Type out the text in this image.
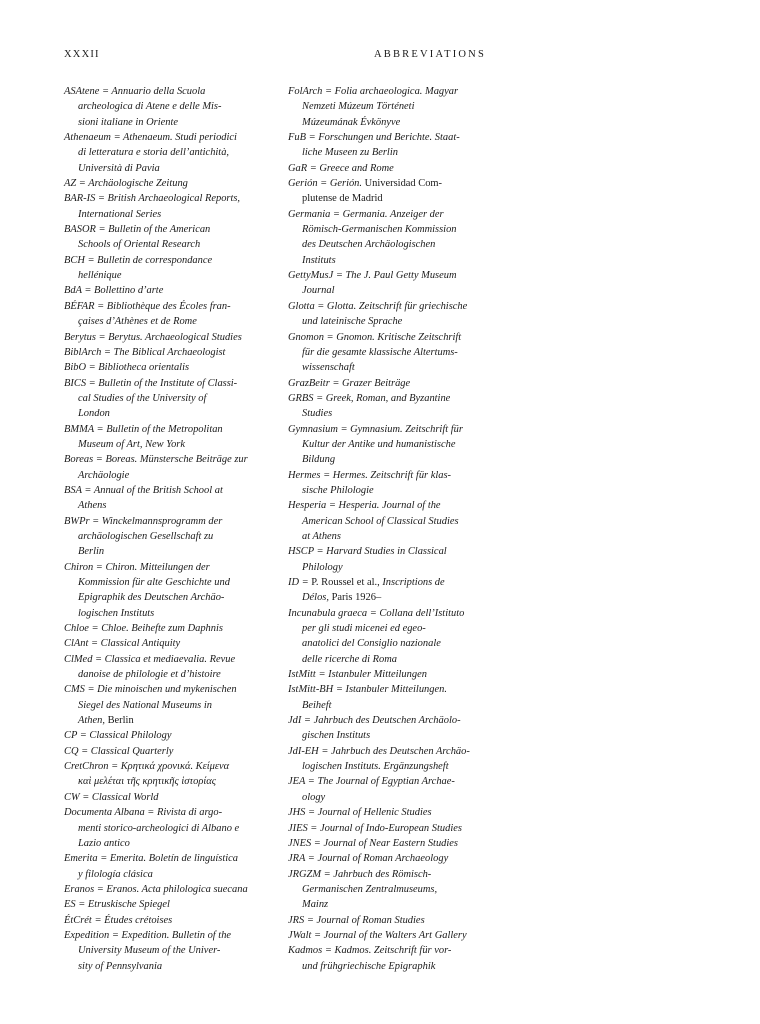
XXXII	ABBREVIATIONS

ASAtene = Annuario della Scuola
archeologica di Atene e delle Mis-
sioni italiane in Oriente

Athenaeum = Athenaeum. Studi periodici
di letteratura e storia dell’antichità,
Università di Pavia

AZ = Archäologische Zeitung

BAR-IS = British Archaeological Reports,
International Series

BASOR = Bulletin of the American
Schools of Oriental Research

BCH = Bulletin de correspondance
hellénique

BdA = Bollettino d’arte

BÉFAR = Bibliothèque des Écoles fran-
çaises d’Athènes et de Rome

Berytus = Berytus. Archaeological Studies

BiblArch = The Biblical Archaeologist

BibO = Bibliotheca orientalis

BICS = Bulletin of the Institute of Classi-
cal Studies of the University of
London

BMMA = Bulletin of the Metropolitan
Museum of Art, New York

Boreas = Boreas. Münstersche Beiträge zur
Archäologie

BSA = Annual of the British School at
Athens

BWPr = Winckelmannsprogramm der
archäologischen Gesellschaft zu
Berlin

Chiron = Chiron. Mitteilungen der
Kommission für alte Geschichte und
Epigraphik des Deutschen Archäo-
logischen Instituts

Chloe = Chloe. Beihefte zum Daphnis

ClAnt = Classical Antiquity

ClMed = Classica et mediaevalia. Revue
danoise de philologie et d’histoire

CMS = Die minoischen und mykenischen
Siegel des National Museums in
Athen, Berlin

CP = Classical Philology

CQ = Classical Quarterly

CretChron = Κρητικά χρονικά. Κείμενα
καὶ μελέται τῆς κρητικῆς ἱστορίας

CW = Classical World

Documenta Albana = Rivista di argo-
menti storico-archeologici di Albano e
Lazio antico

Emerita = Emerita. Boletín de linguística
y filología clásica

Eranos = Eranos. Acta philologica suecana

ES = Etruskische Spiegel

ÉtCrét = Études crétoises

Expedition = Expedition. Bulletin of the
University Museum of the Univer-
sity of Pennsylvania

FolArch = Folia archaeologica. Magyar
Nemzeti Múzeum Történeti
Múzeumának Évkönyve

FuB = Forschungen und Berichte. Staat-
liche Museen zu Berlin

GaR = Greece and Rome

Gerión = Gerión. Universidad Com-
plutense de Madrid

Germania = Germania. Anzeiger der
Römisch-Germanischen Kommission
des Deutschen Archäologischen
Instituts

GettyMusJ = The J. Paul Getty Museum
Journal

Glotta = Glotta. Zeitschrift für griechische
und lateinische Sprache

Gnomon = Gnomon. Kritische Zeitschrift
für die gesamte klassische Altertums-
wissenschaft

GrazBeitr = Grazer Beiträge

GRBS = Greek, Roman, and Byzantine
Studies

Gymnasium = Gymnasium. Zeitschrift für
Kultur der Antike und humanistische
Bildung

Hermes = Hermes. Zeitschrift für klas-
sische Philologie

Hesperia = Hesperia. Journal of the
American School of Classical Studies
at Athens

HSCP = Harvard Studies in Classical
Philology

ID = P. Roussel et al., Inscriptions de
Délos, Paris 1926–

Incunabula graeca = Collana dell’Istituto
per gli studi micenei ed egeo-
anatolici del Consiglio nazionale
delle ricerche di Roma

IstMitt = Istanbuler Mitteilungen

IstMitt-BH = Istanbuler Mitteilungen.
Beiheft

JdI = Jahrbuch des Deutschen Archäolo-
gischen Instituts

JdI-EH = Jahrbuch des Deutschen Archäo-
logischen Instituts. Ergänzungsheft

JEA = The Journal of Egyptian Archae-
ology

JHS = Journal of Hellenic Studies

JIES = Journal of Indo-European Studies

JNES = Journal of Near Eastern Studies

JRA = Journal of Roman Archaeology

JRGZM = Jahrbuch des Römisch-
Germanischen Zentralmuseums,
Mainz

JRS = Journal of Roman Studies

JWalt = Journal of the Walters Art Gallery

Kadmos = Kadmos. Zeitschrift für vor-
und frühgriechische Epigraphik
